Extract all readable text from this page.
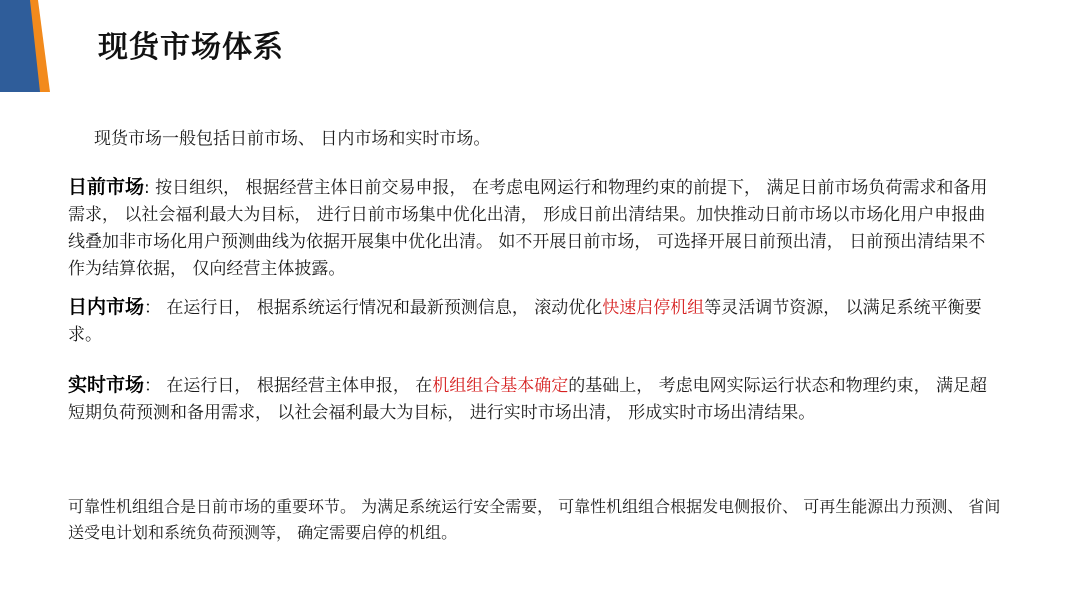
现货市场体系

现货市场一般包括日前市场、 日内市场和实时市场。

日前市场: 按日组织， 根据经营主体日前交易申报， 在考虑电网运行和物理约束的前提下， 满足日前市场负荷需求和备用需求， 以社会福利最大为目标， 进行日前市场集中优化出清， 形成日前出清结果。加快推动日前市场以市场化用户申报曲线叠加非市场化用户预测曲线为依据开展集中优化出清。 如不开展日前市场， 可选择开展日前预出清， 日前预出清结果不作为结算依据， 仅向经营主体披露。

日内市场： 在运行日， 根据系统运行情况和最新预测信息， 滚动优化快速启停机组等灵活调节资源， 以满足系统平衡要求。

实时市场： 在运行日， 根据经营主体申报， 在机组组合基本确定的基础上， 考虑电网实际运行状态和物理约束， 满足超短期负荷预测和备用需求， 以社会福利最大为目标， 进行实时市场出清， 形成实时市场出清结果。

可靠性机组组合是日前市场的重要环节。 为满足系统运行安全需要， 可靠性机组组合根据发电侧报价、 可再生能源出力预测、 省间送受电计划和系统负荷预测等， 确定需要启停的机组。
